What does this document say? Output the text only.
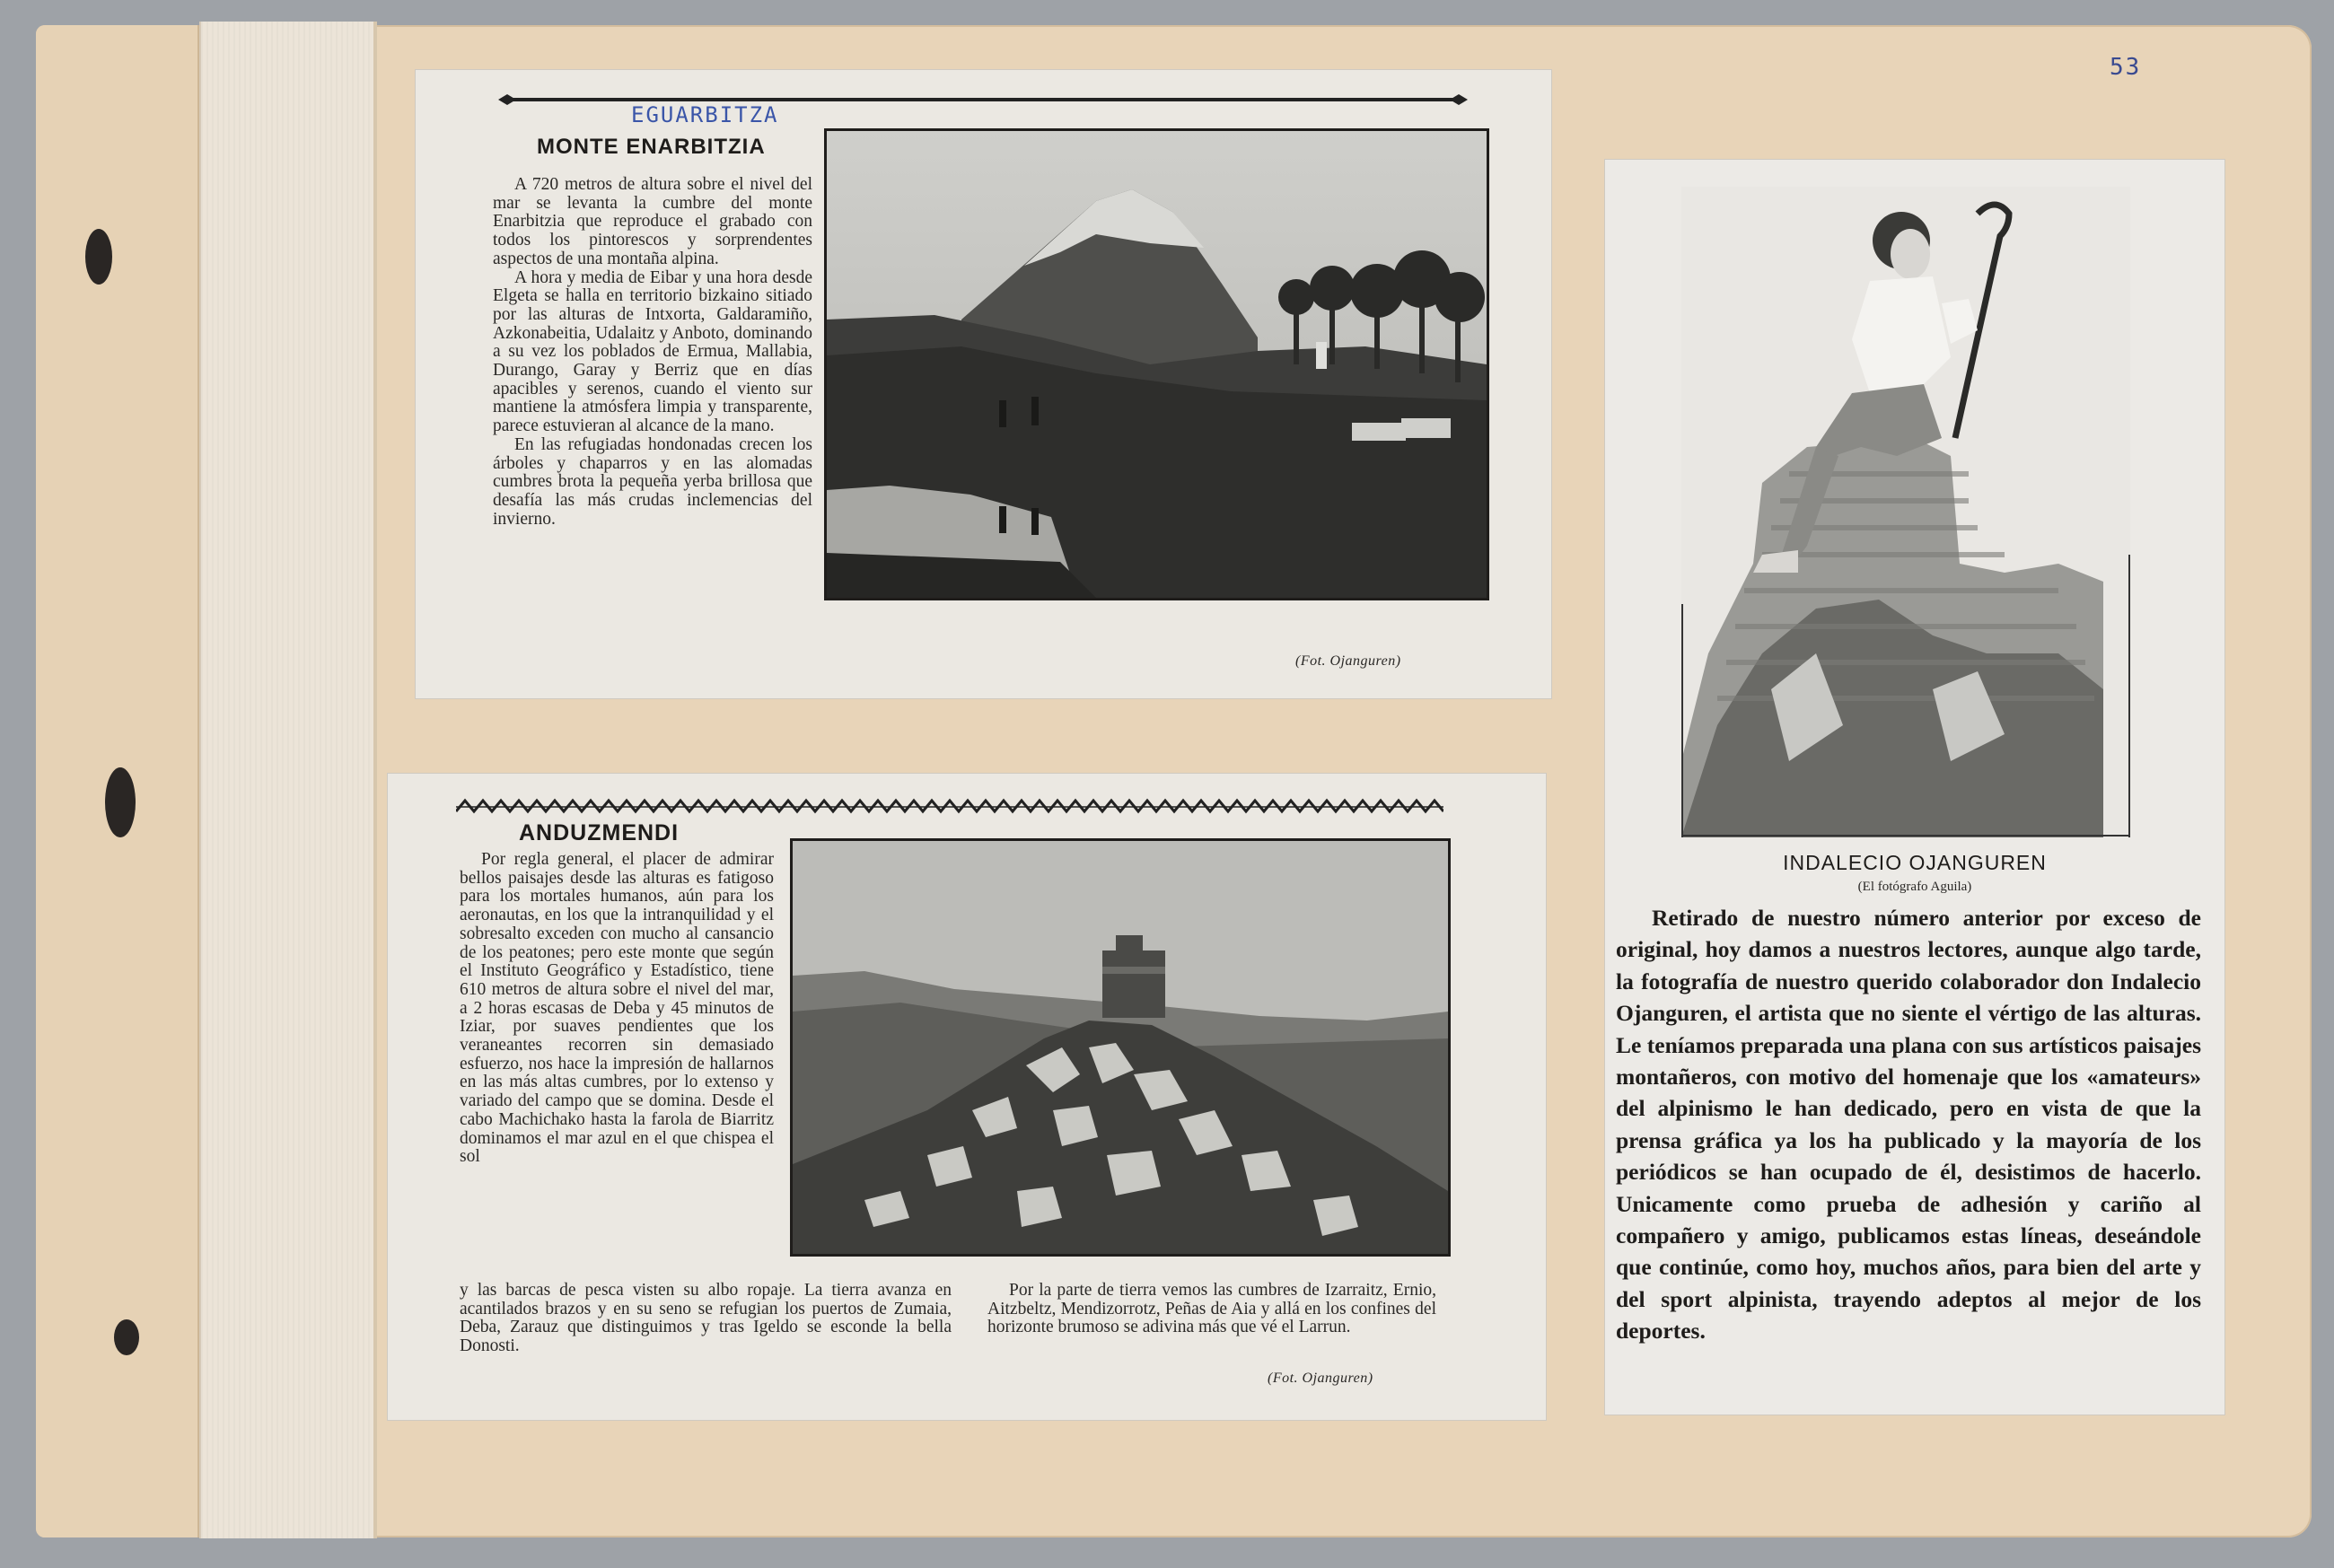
53
EGUARBITZA
MONTE ENARBITZIA

A 720 metros de altura sobre el nivel del mar se levanta la cumbre del monte Enarbitzia que reproduce el grabado con todos los pintorescos y sorprendentes aspectos de una montaña alpina.

A hora y media de Eibar y una hora desde Elgeta se halla en territorio bizkaino sitiado por las alturas de Intxorta, Galdaramiño, Azkonabeitia, Udalaitz y Anboto, dominando a su vez los poblados de Ermua, Mallabia, Durango, Garay y Berriz que en días apacibles y serenos, cuando el viento sur mantiene la atmósfera limpia y transparente, parece estuvieran al alcance de la mano.

En las refugiadas hondonadas crecen los árboles y chaparros y en las alomadas cumbres brota la pequeña yerba brillosa que desafía las más crudas inclemencias del invierno.

(Fot. Ojanguren)
ANDUZMENDI

Por regla general, el placer de admirar bellos paisajes desde las alturas es fatigoso para los mortales humanos, aún para los aeronautas, en los que la intranquilidad y el sobresalto exceden con mucho al cansancio de los peatones; pero este monte que según el Instituto Geográfico y Estadístico, tiene 610 metros de altura sobre el nivel del mar, a 2 horas escasas de Deba y 45 minutos de Iziar, por suaves pendientes que los veraneantes recorren sin demasiado esfuerzo, nos hace la impresión de hallarnos en las más altas cumbres, por lo extenso y variado del campo que se domina. Desde el cabo Machichako hasta la farola de Biarritz dominamos el mar azul en el que chispea el sol

y las barcas de pesca visten su albo ropaje. La tierra avanza en acantilados brazos y en su seno se refugian los puertos de Zumaia, Deba, Zarauz que distinguimos y tras Igeldo se esconde la bella Donosti.

Por la parte de tierra vemos las cumbres de Izarraitz, Ernio, Aitzbeltz, Mendizorrotz, Peñas de Aia y allá en los confines del horizonte brumoso se adivina más que vé el Larrun.

(Fot. Ojanguren)
INDALECIO OJANGUREN
(El fotógrafo Aguila)

Retirado de nuestro número anterior por exceso de original, hoy damos a nuestros lectores, aunque algo tarde, la fotografía de nuestro querido colaborador don Indalecio Ojanguren, el artista que no siente el vértigo de las alturas. Le teníamos preparada una plana con sus artísticos paisajes montañeros, con motivo del homenaje que los «amateurs» del alpinismo le han dedicado, pero en vista de que la prensa gráfica ya los ha publicado y la mayoría de los periódicos se han ocupado de él, desistimos de hacerlo. Unicamente como prueba de adhesión y cariño al compañero y amigo, publicamos estas líneas, deseándole que continúe, como hoy, muchos años, para bien del arte y del sport alpinista, trayendo adeptos al mejor de los deportes.
